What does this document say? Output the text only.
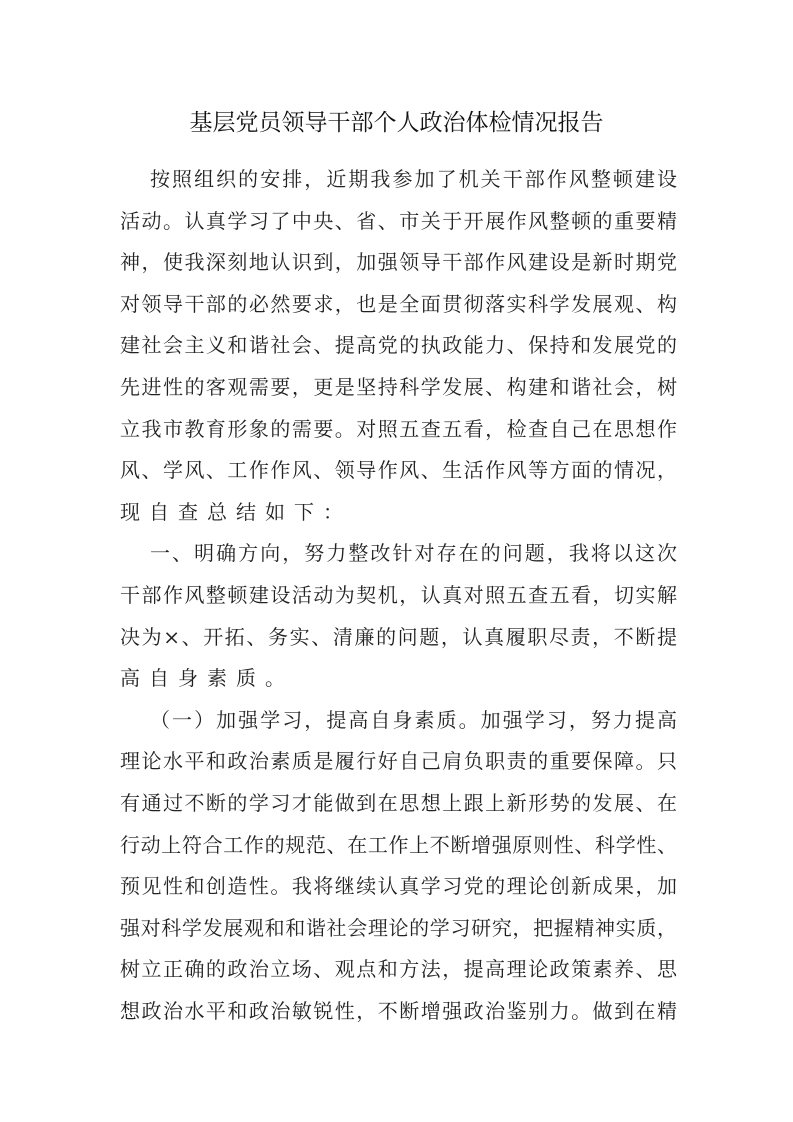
基层党员领导干部个人政治体检情况报告
按照组织的安排，近期我参加了机关干部作风整顿建设
活动。认真学习了中央、省、市关于开展作风整顿的重要精
神，使我深刻地认识到，加强领导干部作风建设是新时期党
对领导干部的必然要求，也是全面贯彻落实科学发展观、构
建社会主义和谐社会、提高党的执政能力、保持和发展党的
先进性的客观需要，更是坚持科学发展、构建和谐社会，树
立我市教育形象的需要。对照五查五看，检查自己在思想作
风、学风、工作作风、领导作风、生活作风等方面的情况，
现自查总结如下：
一、明确方向，努力整改针对存在的问题，我将以这次
干部作风整顿建设活动为契机，认真对照五查五看，切实解
决为×、开拓、务实、清廉的问题，认真履职尽责，不断提
高自身素质。
（一）加强学习，提高自身素质。加强学习，努力提高
理论水平和政治素质是履行好自己肩负职责的重要保障。只
有通过不断的学习才能做到在思想上跟上新形势的发展、在
行动上符合工作的规范、在工作上不断增强原则性、科学性、
预见性和创造性。我将继续认真学习党的理论创新成果，加
强对科学发展观和和谐社会理论的学习研究，把握精神实质，
树立正确的政治立场、观点和方法，提高理论政策素养、思
想政治水平和政治敏锐性，不断增强政治鉴别力。做到在精
